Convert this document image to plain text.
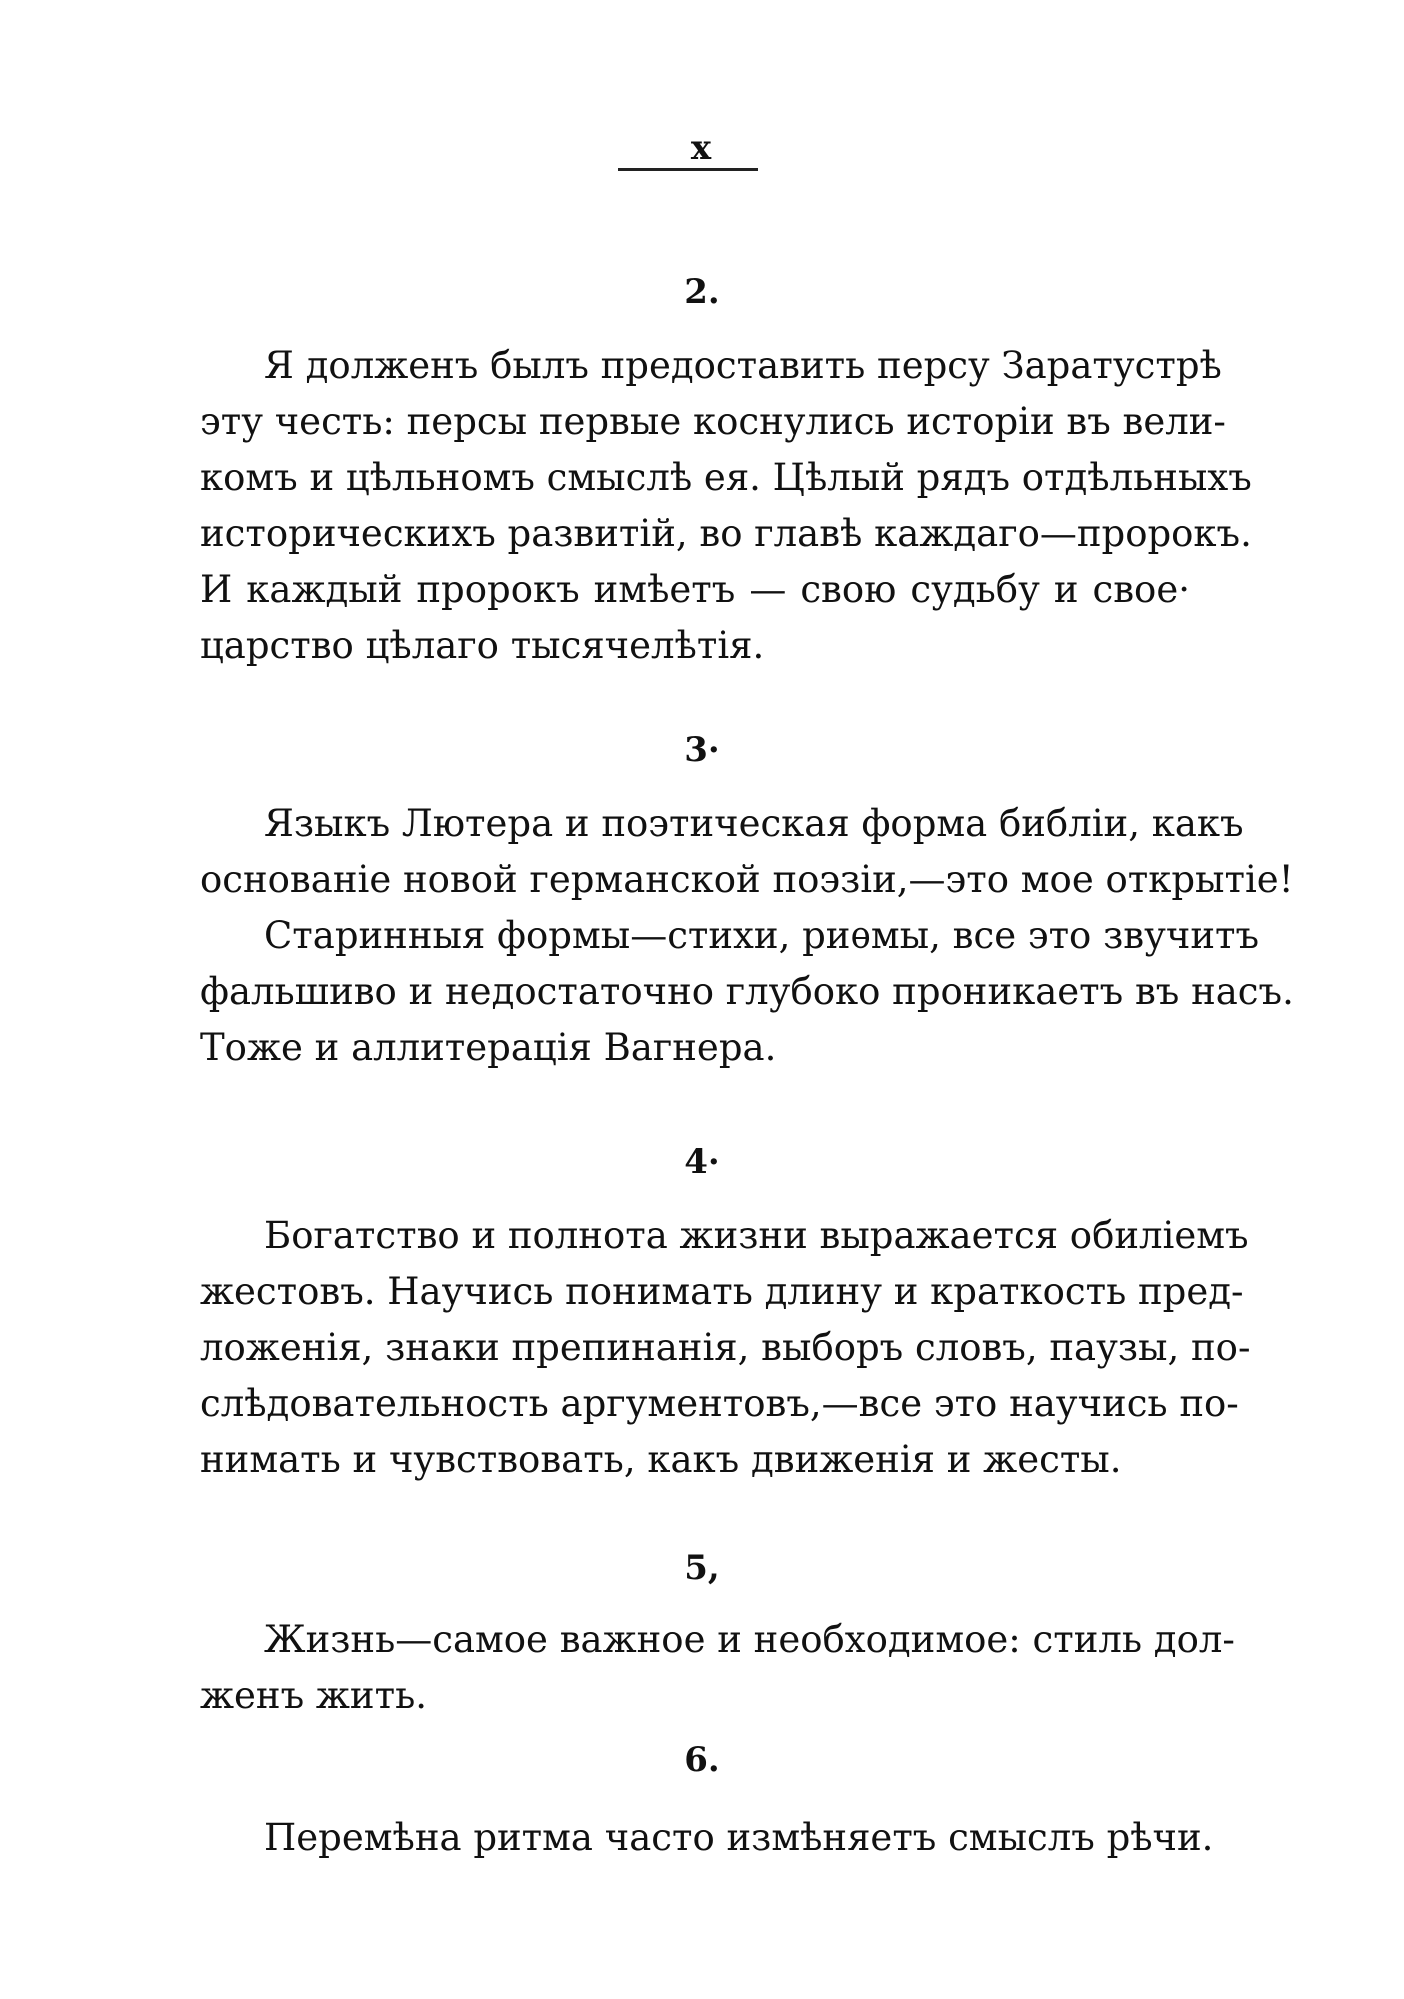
x
2.
Я долженъ былъ предоставить персу Заратустрѣ
эту честь: персы первые коснулись исторіи въ вели-
комъ и цѣльномъ смыслѣ ея. Цѣлый рядъ отдѣльныхъ
историческихъ развитій, во главѣ каждаго—пророкъ.
И каждый пророкъ имѣетъ — свою судьбу и свое·
царство цѣлаго тысячелѣтія.
3·
Языкъ Лютера и поэтическая форма библіи, какъ
основаніе новой германской поэзіи,—это мое открытіе!
Старинныя формы—стихи, риѳмы, все это звучитъ
фальшиво и недостаточно глубоко проникаетъ въ насъ.
Тоже и аллитерація Вагнера.
4·
Богатство и полнота жизни выражается обиліемъ
жестовъ. Научись понимать длину и краткость пред-
ложенія, знаки препинанія, выборъ словъ, паузы, по-
слѣдовательность аргументовъ,—все это научись по-
нимать и чувствовать, какъ движенія и жесты.
5,
Жизнь—самое важное и необходимое: стиль дол-
женъ жить.
6.
Перемѣна ритма часто измѣняетъ смыслъ рѣчи.
